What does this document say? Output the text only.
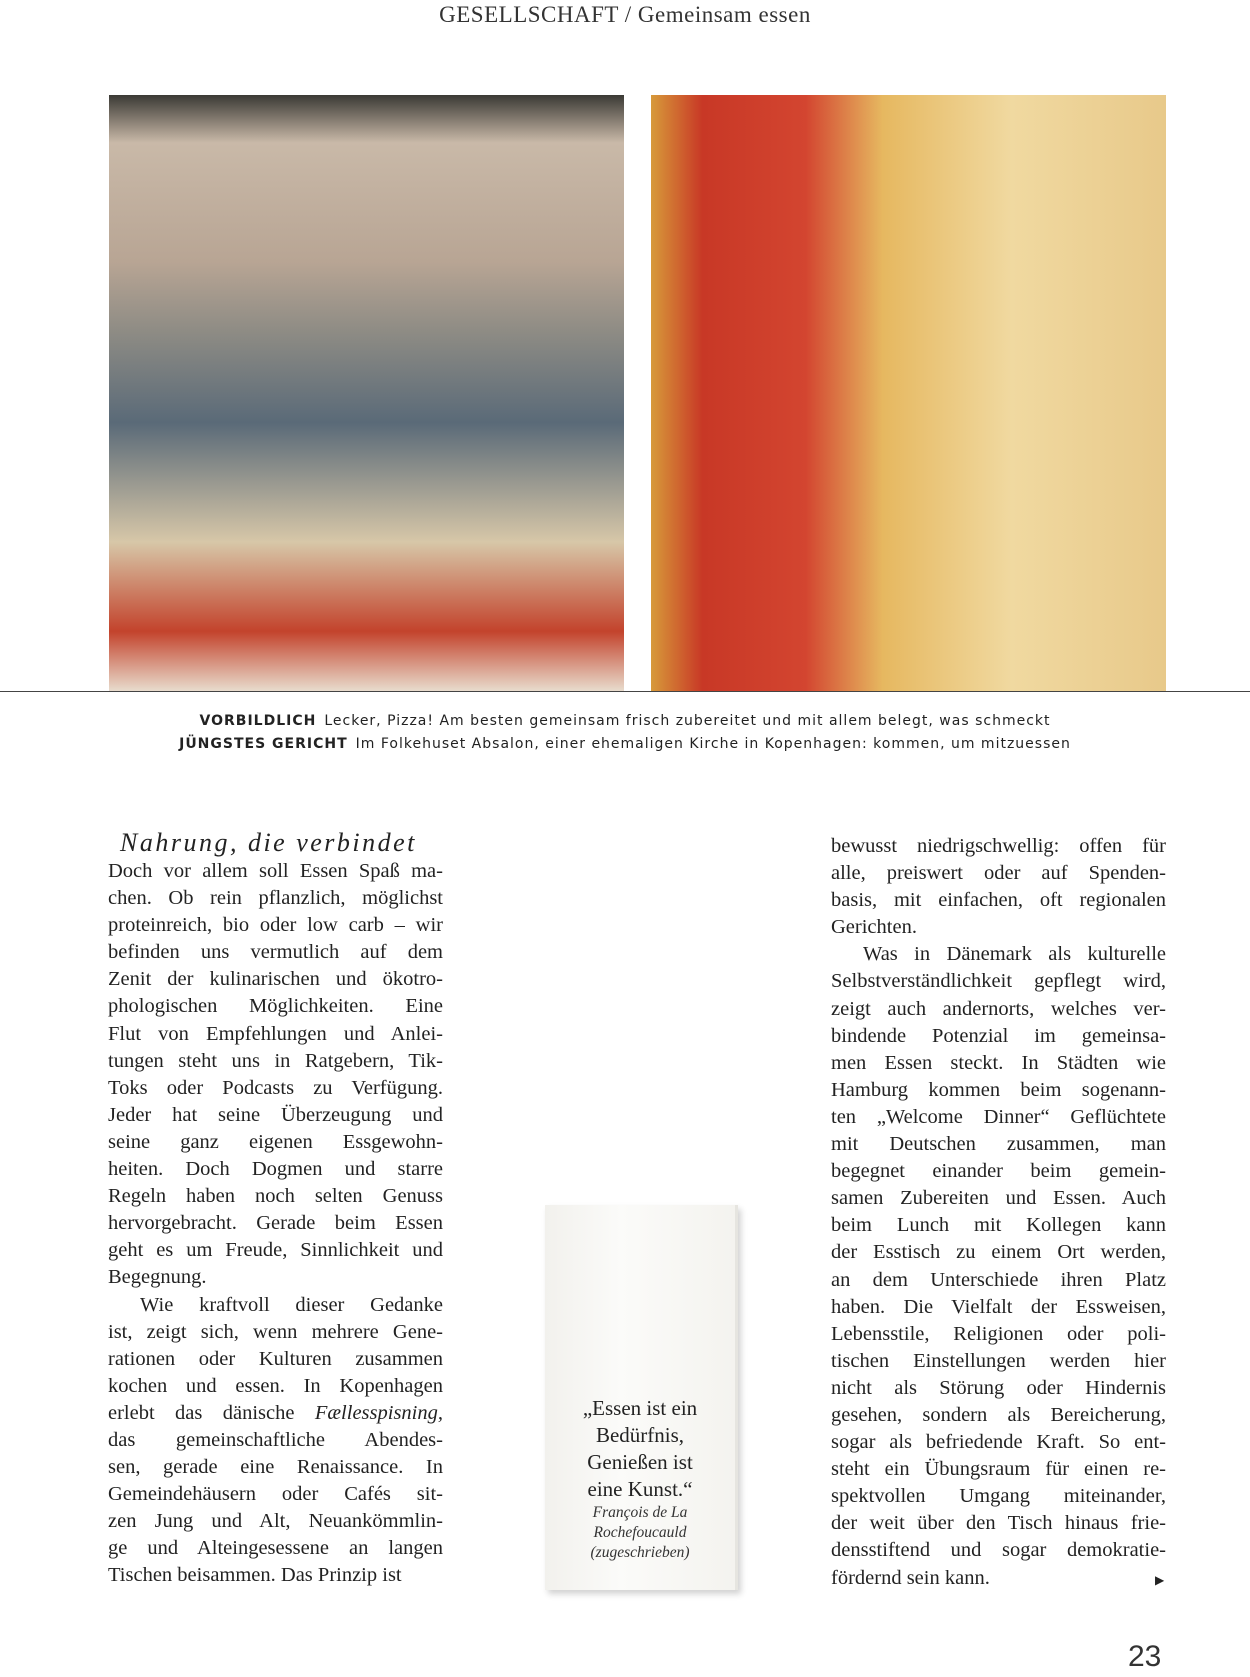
GESELLSCHAFT / Gemeinsam essen
VORBILDLICH Lecker, Pizza! Am besten gemeinsam frisch zubereitet und mit allem belegt, was schmeckt
JÜNGSTES GERICHT Im Folkehuset Absalon, einer ehemaligen Kirche in Kopenhagen: kommen, um mitzuessen
Nahrung, die verbindet
Doch vor allem soll Essen Spaß ma-
chen. Ob rein pflanzlich, möglichst
proteinreich, bio oder low carb – wir
befinden uns vermutlich auf dem
Zenit der kulinarischen und ökotro-
phologischen Möglichkeiten. Eine
Flut von Empfehlungen und Anlei-
tungen steht uns in Ratgebern, Tik-
Toks oder Podcasts zu Verfügung.
Jeder hat seine Überzeugung und
seine ganz eigenen Essgewohn-
heiten. Doch Dogmen und starre
Regeln haben noch selten Genuss
hervorgebracht. Gerade beim Essen
geht es um Freude, Sinnlichkeit und
Begegnung.
Wie kraftvoll dieser Gedanke
ist, zeigt sich, wenn mehrere Gene-
rationen oder Kulturen zusammen
kochen und essen. In Kopenhagen
erlebt das dänische Fællesspisning,
das gemeinschaftliche Abendes-
sen, gerade eine Renaissance. In
Gemeindehäusern oder Cafés sit-
zen Jung und Alt, Neuankömmlin-
ge und Alteingesessene an langen
Tischen beisammen. Das Prinzip ist
bewusst niedrigschwellig: offen für
alle, preiswert oder auf Spenden-
basis, mit einfachen, oft regionalen
Gerichten.
Was in Dänemark als kulturelle
Selbstverständlichkeit gepflegt wird,
zeigt auch andernorts, welches ver-
bindende Potenzial im gemeinsa-
men Essen steckt. In Städten wie
Hamburg kommen beim sogenann-
ten „Welcome Dinner“ Geflüchtete
mit Deutschen zusammen, man
begegnet einander beim gemein-
samen Zubereiten und Essen. Auch
beim Lunch mit Kollegen kann
der Esstisch zu einem Ort werden,
an dem Unterschiede ihren Platz
haben. Die Vielfalt der Essweisen,
Lebensstile, Religionen oder poli-
tischen Einstellungen werden hier
nicht als Störung oder Hindernis
gesehen, sondern als Bereicherung,
sogar als befriedende Kraft. So ent-
steht ein Übungsraum für einen re-
spektvollen Umgang miteinander,
der weit über den Tisch hinaus frie-
densstiftend und sogar demokratie-
fördernd sein kann.
„Essen ist ein
Bedürfnis,
Genießen ist
eine Kunst.“
François de La
Rochefoucauld
(zugeschrieben)
▶
23
